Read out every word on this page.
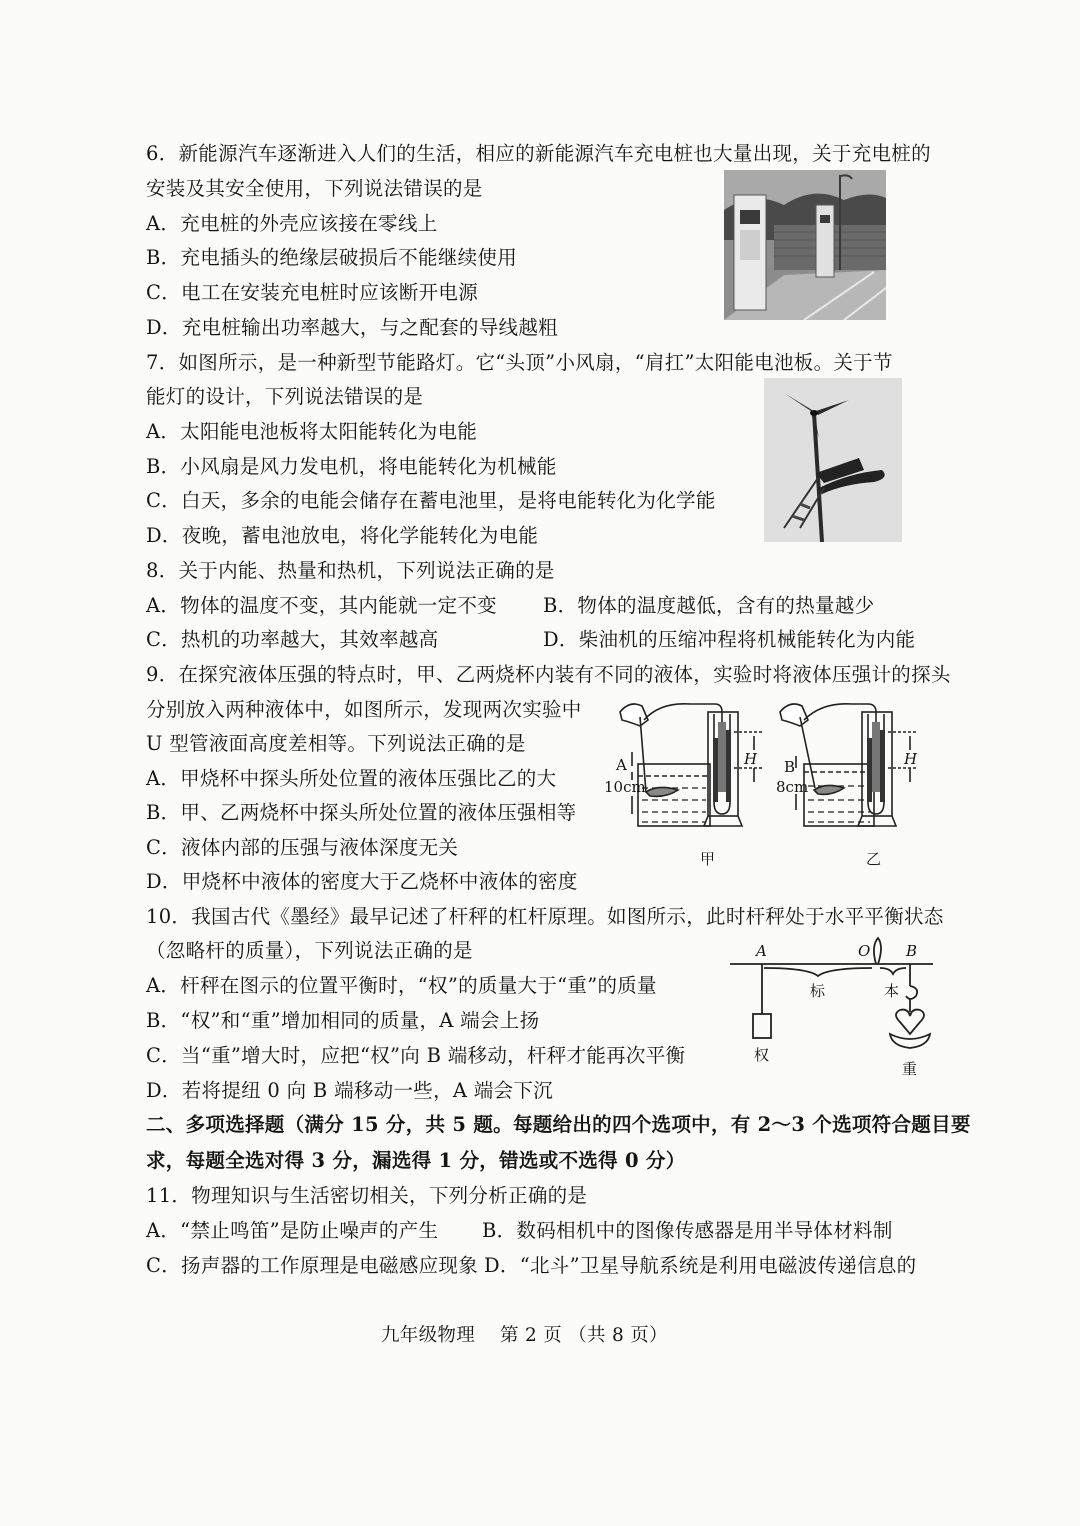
6．新能源汽车逐渐进入人们的生活，相应的新能源汽车充电桩也大量出现，关于充电桩的
安装及其安全使用，下列说法错误的是
A．充电桩的外壳应该接在零线上
B．充电插头的绝缘层破损后不能继续使用
C．电工在安装充电桩时应该断开电源
D．充电桩输出功率越大，与之配套的导线越粗
7．如图所示，是一种新型节能路灯。它“头顶”小风扇，“肩扛”太阳能电池板。关于节
能灯的设计，下列说法错误的是
A．太阳能电池板将太阳能转化为电能
B．小风扇是风力发电机，将电能转化为机械能
C．白天，多余的电能会储存在蓄电池里，是将电能转化为化学能
D．夜晚，蓄电池放电，将化学能转化为电能
8．关于内能、热量和热机，下列说法正确的是
A．物体的温度不变，其内能就一定不变 B．物体的温度越低，含有的热量越少
C．热机的功率越大，其效率越高	D．柴油机的压缩冲程将机械能转化为内能
9．在探究液体压强的特点时，甲、乙两烧杯内装有不同的液体，实验时将液体压强计的探头
分别放入两种液体中，如图所示，发现两次实验中
U 型管液面高度差相等。下列说法正确的是
A．甲烧杯中探头所处位置的液体压强比乙的大
B．甲、乙两烧杯中探头所处位置的液体压强相等
C．液体内部的压强与液体深度无关
D．甲烧杯中液体的密度大于乙烧杯中液体的密度
A
10cm
H
甲
B
8cm
H
乙
10．我国古代《墨经》最早记述了杆秤的杠杆原理。如图所示，此时杆秤处于水平平衡状态
（忽略杆的质量），下列说法正确的是
A．杆秤在图示的位置平衡时，“权”的质量大于“重”的质量
B．“权”和“重”增加相同的质量，A 端会上扬
C．当“重”增大时，应把“权”向 B 端移动，杆秤才能再次平衡
D．若将提纽 0 向 B 端移动一些，A 端会下沉
A	O B
标	本
权
重
二、多项选择题（满分 15 分，共 5 题。每题给出的四个选项中，有 2～3 个选项符合题目要
求，每题全选对得 3 分，漏选得 1 分，错选或不选得 0 分）
11．物理知识与生活密切相关，下列分析正确的是
A．“禁止鸣笛”是防止噪声的产生 B．数码相机中的图像传感器是用半导体材料制
C．扬声器的工作原理是电磁感应现象 D．“北斗”卫星导航系统是利用电磁波传递信息的
九年级物理　 第 2 页 （共 8 页）
